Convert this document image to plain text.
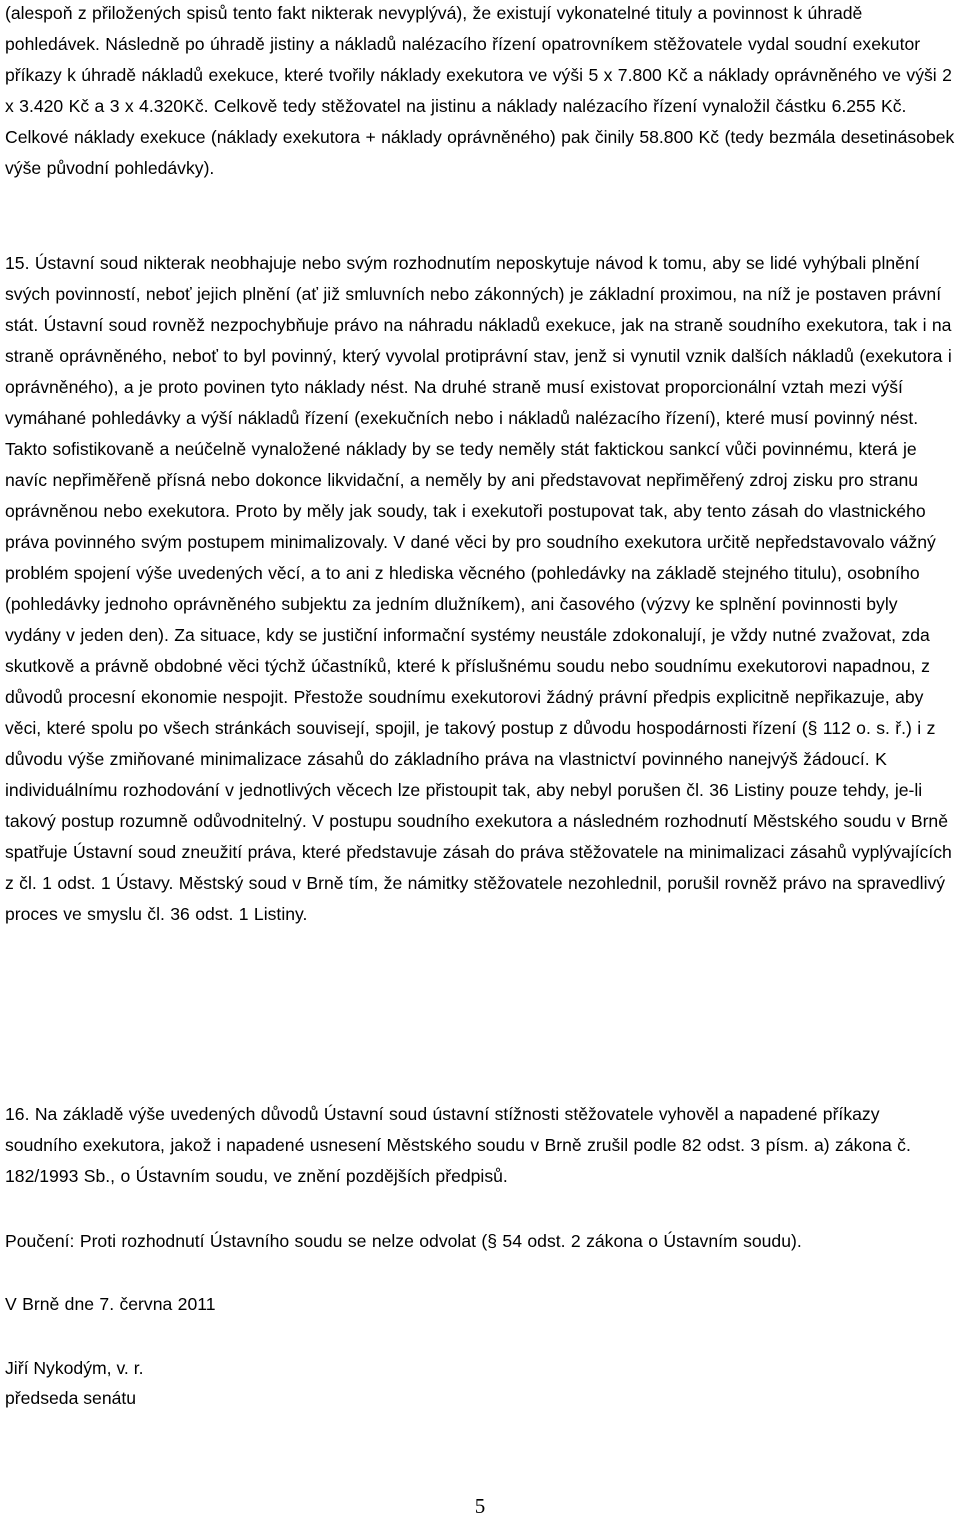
(alespoň z přiložených spisů tento fakt nikterak nevyplývá), že existují vykonatelné tituly a povinnost k úhradě pohledávek. Následně po úhradě jistiny a nákladů nalézacího řízení opatrovníkem stěžovatele vydal soudní exekutor příkazy k úhradě nákladů exekuce, které tvořily náklady exekutora ve výši 5 x 7.800 Kč a náklady oprávněného ve výši 2 x 3.420 Kč a 3 x 4.320Kč. Celkově tedy stěžovatel na jistinu a náklady nalézacího řízení vynaložil částku 6.255 Kč. Celkové náklady exekuce (náklady exekutora + náklady oprávněného) pak činily 58.800 Kč (tedy bezmála desetinásobek výše původní pohledávky).

15. Ústavní soud nikterak neobhajuje nebo svým rozhodnutím neposkytuje návod k tomu, aby se lidé vyhýbali plnění svých povinností, neboť jejich plnění (ať již smluvních nebo zákonných) je základní proximou, na níž je postaven právní stát. Ústavní soud rovněž nezpochybňuje právo na náhradu nákladů exekuce, jak na straně soudního exekutora, tak i na straně oprávněného, neboť to byl povinný, který vyvolal protiprávní stav, jenž si vynutil vznik dalších nákladů (exekutora i oprávněného), a je proto povinen tyto náklady nést. Na druhé straně musí existovat proporcionální vztah mezi výší vymáhané pohledávky a výší nákladů řízení (exekučních nebo i nákladů nalézacího řízení), které musí povinný nést. Takto sofistikovaně a neúčelně vynaložené náklady by se tedy neměly stát faktickou sankcí vůči povinnému, která je navíc nepřiměřeně přísná nebo dokonce likvidační, a neměly by ani představovat nepřiměřený zdroj zisku pro stranu oprávněnou nebo exekutora. Proto by měly jak soudy, tak i exekutoři postupovat tak, aby tento zásah do vlastnického práva povinného svým postupem minimalizovaly. V dané věci by pro soudního exekutora určitě nepředstavovalo vážný problém spojení výše uvedených věcí, a to ani z hlediska věcného (pohledávky na základě stejného titulu), osobního (pohledávky jednoho oprávněného subjektu za jedním dlužníkem), ani časového (výzvy ke splnění povinnosti byly vydány v jeden den). Za situace, kdy se justiční informační systémy neustále zdokonalují, je vždy nutné zvažovat, zda skutkově a právně obdobné věci týchž účastníků, které k příslušnému soudu nebo soudnímu exekutorovi napadnou, z důvodů procesní ekonomie nespojit. Přestože soudnímu exekutorovi žádný právní předpis explicitně nepřikazuje, aby věci, které spolu po všech stránkách souvisejí, spojil, je takový postup z důvodu hospodárnosti řízení (§ 112 o. s. ř.) i z důvodu výše zmiňované minimalizace zásahů do základního práva na vlastnictví povinného nanejvýš žádoucí. K individuálnímu rozhodování v jednotlivých věcech lze přistoupit tak, aby nebyl porušen čl. 36 Listiny pouze tehdy, je-li takový postup rozumně odůvodnitelný. V postupu soudního exekutora a následném rozhodnutí Městského soudu v Brně spatřuje Ústavní soud zneužití práva, které představuje zásah do práva stěžovatele na minimalizaci zásahů vyplývajících z čl. 1 odst. 1 Ústavy. Městský soud v Brně tím, že námitky stěžovatele nezohlednil, porušil rovněž právo na spravedlivý proces ve smyslu čl. 36 odst. 1 Listiny.

16. Na základě výše uvedených důvodů Ústavní soud ústavní stížnosti stěžovatele vyhověl a napadené příkazy soudního exekutora, jakož i napadené usnesení Městského soudu v Brně zrušil podle 82 odst. 3 písm. a) zákona č. 182/1993 Sb., o Ústavním soudu, ve znění pozdějších předpisů.

Poučení: Proti rozhodnutí Ústavního soudu se nelze odvolat (§ 54 odst. 2 zákona o Ústavním soudu).

V Brně dne 7. června 2011

Jiří Nykodým, v. r.
předseda senátu
5
